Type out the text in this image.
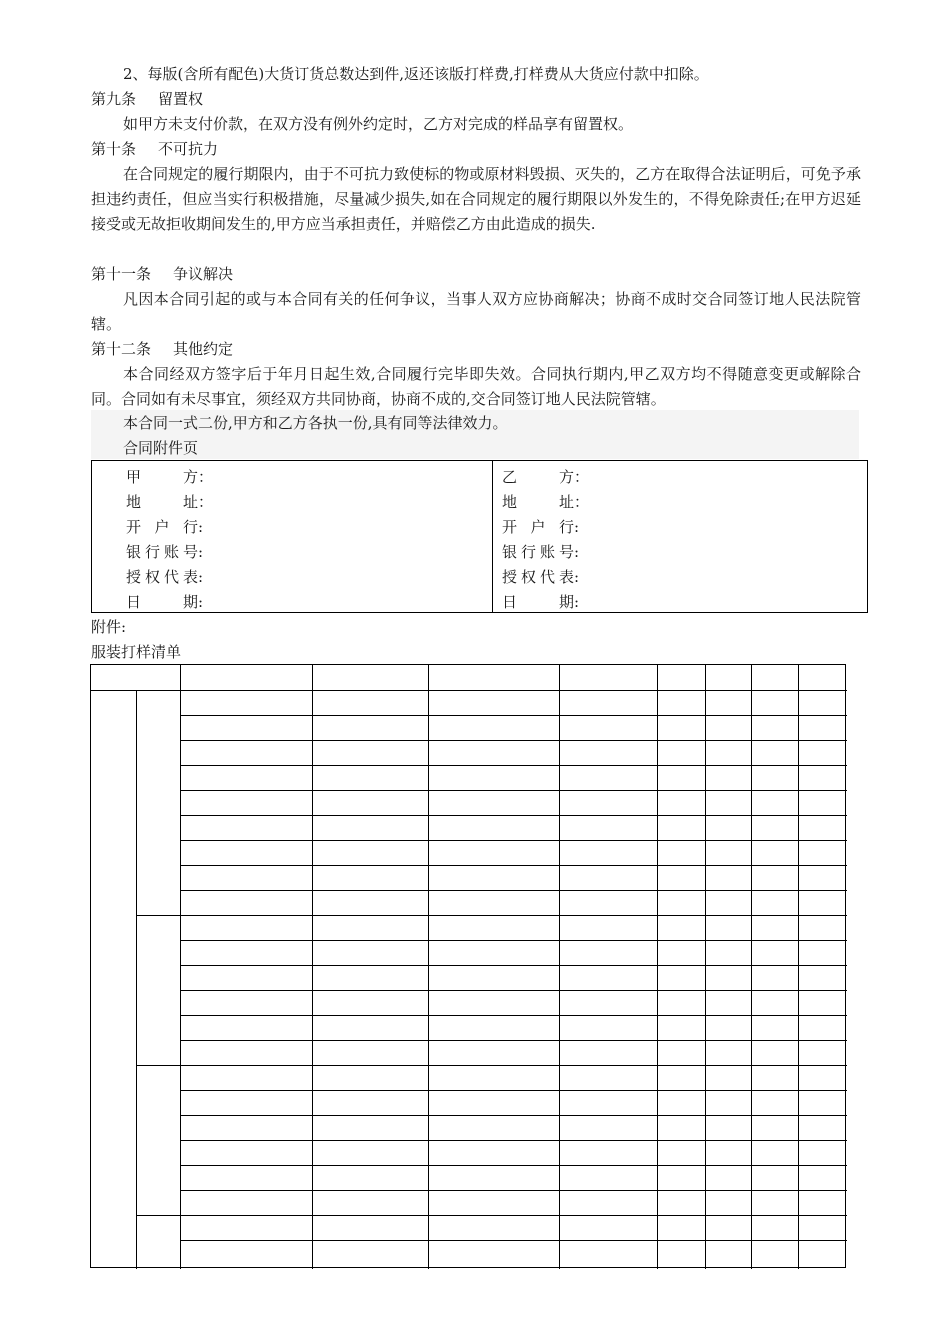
2、每版(含所有配色)大货订货总数达到件,返还该版打样费,打样费从大货应付款中扣除。
第九条 留置权
如甲方未支付价款，在双方没有例外约定时，乙方对完成的样品享有留置权。
第十条 不可抗力
在合同规定的履行期限内，由于不可抗力致使标的物或原材料毁损、灭失的，乙方在取得合法证明后，可免予承担违约责任，但应当实行积极措施，尽量减少损失,如在合同规定的履行期限以外发生的，不得免除责任;在甲方迟延接受或无故拒收期间发生的,甲方应当承担责任，并赔偿乙方由此造成的损失.
第十一条 争议解决
凡因本合同引起的或与本合同有关的任何争议，当事人双方应协商解决；协商不成时交合同签订地人民法院管辖。
第十二条 其他约定
本合同经双方签字后于年月日起生效,合同履行完毕即失效。合同执行期内,甲乙双方均不得随意变更或解除合同。合同如有未尽事宜，须经双方共同协商，协商不成的,交合同签订地人民法院管辖。
本合同一式二份,甲方和乙方各执一份,具有同等法律效力。
合同附件页
甲方：
地址：
开户行:
银行账号:
授权代表:
日期:
乙方：
地址：
开户行:
银行账号:
授权代表:
日期:
附件:
服装打样清单
